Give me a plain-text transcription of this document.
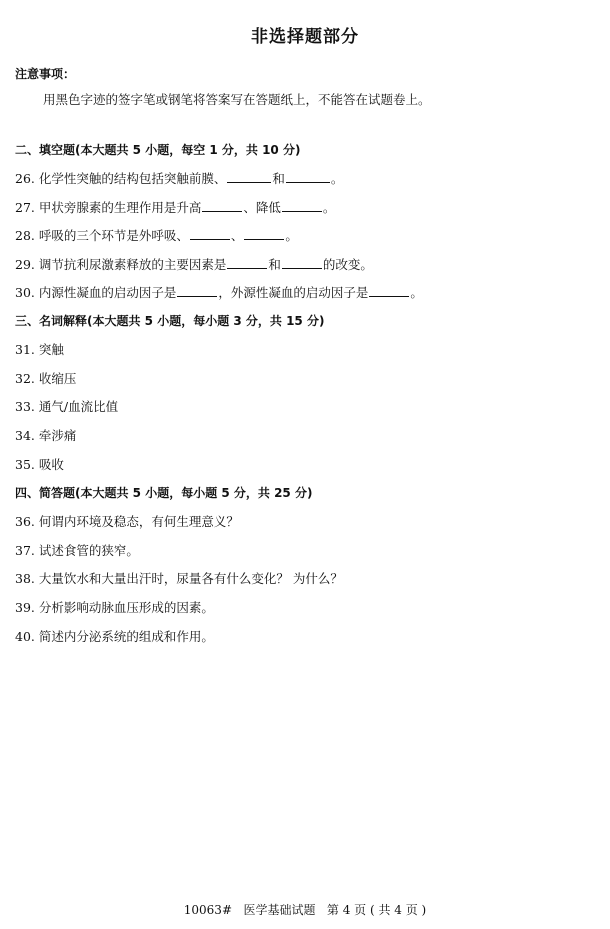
非选择题部分
注意事项：
用黑色字迹的签字笔或钢笔将答案写在答题纸上，不能答在试题卷上。
二、填空题(本大题共 5 小题，每空 1 分，共 10 分)
26. 化学性突触的结构包括突触前膜、	和	。
27. 甲状旁腺素的生理作用是升高	、降低	。
28. 呼吸的三个环节是外呼吸、	、	。
29. 调节抗利尿激素释放的主要因素是	和	的改变。
30. 内源性凝血的启动因子是	，外源性凝血的启动因子是	。
三、名词解释(本大题共 5 小题，每小题 3 分，共 15 分)
31. 突触
32. 收缩压
33. 通气/血流比值
34. 牵涉痛
35. 吸收
四、简答题(本大题共 5 小题，每小题 5 分，共 25 分)
36. 何谓内环境及稳态，有何生理意义？
37. 试述食管的狭窄。
38. 大量饮水和大量出汗时，尿量各有什么变化？ 为什么？
39. 分析影响动脉血压形成的因素。
40. 简述内分泌系统的组成和作用。
10063#   医学基础试题   第 4 页 ( 共 4 页 )
